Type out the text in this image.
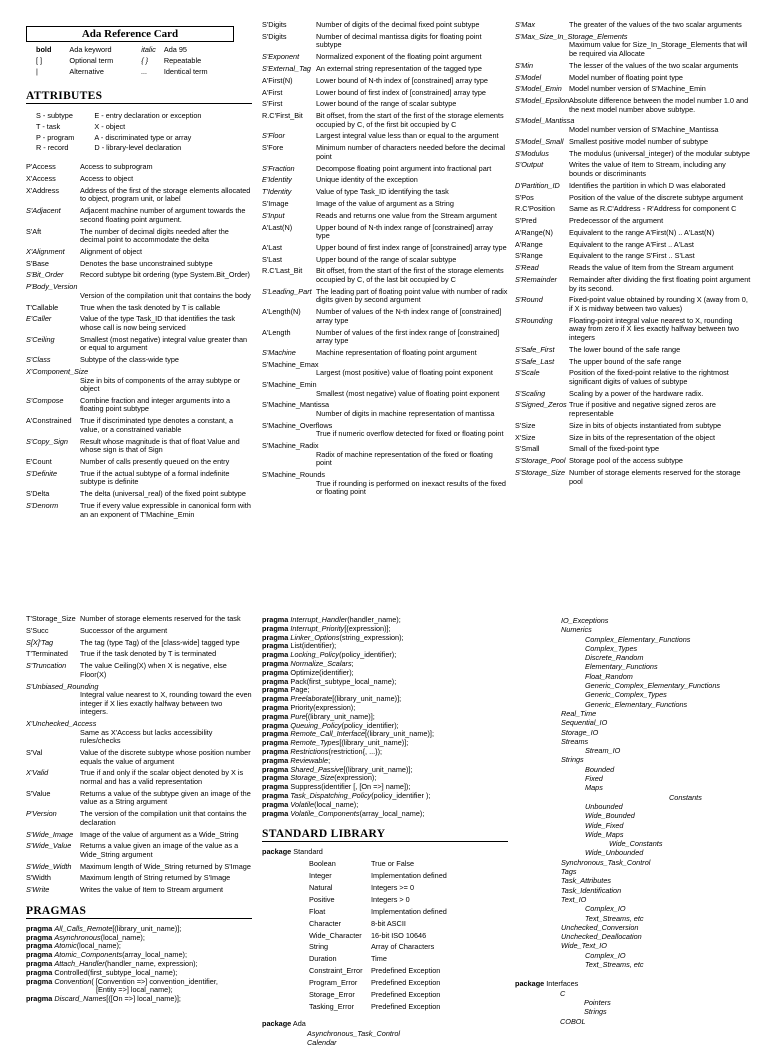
Ada Reference Card
bold	Ada keyword	italic	Ada 95
[ ]	Optional term	{ }	Repeatable
|	Alternative	...	Identical term
ATTRIBUTES
S - subtype	E - entry declaration or exception
T - task	X - object
P - program	A - discriminated type or array
R - record	D - library-level declaration
P'Access	Access to subprogram
X'Access	Access to object
X'Address	Address of the first of the storage elements allocated to object, program unit, or label
S'Adjacent	Adjacent machine number of argument towards the second floating point argument.
S'Aft	The number of decimal digits needed after the decimal point to accommodate the delta
X'Alignment	Alignment of object
S'Base	Denotes the base unconstrained subtype
S'Bit_Order	Record subtype bit ordering (type System.Bit_Order)
P'Body_Version
Version of the compilation unit that contains the body
T'Callable	True when the task denoted by T is callable
E'Caller	Value of the type Task_ID that identifies the task whose call is now being serviced
S'Ceiling	Smallest (most negative) integral value greater than or equal to argument
S'Class	Subtype of the class-wide type
X'Component_Size
Size in bits of components of the array subtype or object
S'Compose	Combine fraction and integer arguments into a floating point subtype
A'Constrained	True if discriminated type denotes a constant, a value, or a constrained variable
S'Copy_Sign	Result whose magnitude is that of float Value and whose sign is that of Sign
E'Count	Number of calls presently queued on the entry
S'Definite	True if the actual subtype of a formal indefinite subtype is definite
S'Delta	The delta (universal_real) of the fixed point subtype
S'Denorm	True if every value expressible in canonical form with an an exponent of T'Machine_Emin
S'Digits	Number of digits of the decimal fixed point subtype
S'Digits	Number of decimal mantissa digits for floating point subtype
S'Exponent	Normalized exponent of the floating point argument
S'External_Tag An external string representation of the tagged type
A'First(N)	Lower bound of N-th index of [constrained] array type
A'First	Lower bound of first index of [constrained] array type
S'First	Lower bound of the range of scalar subtype
R.C'First_Bit	Bit offset, from the start of the first of the storage elements occupied by C, of the first bit occupied by C
S'Floor	Largest integral value less than or equal to the argument
S'Fore	Minimum number of characters needed before the decimal point
S'Fraction	Decompose floating point argument into fractional part
E'Identity	Unique identity of the exception
T'Identity	Value of type Task_ID identifying the task
S'Image	Image of the value of argument as a String
S'Input	Reads and returns one value from the Stream argument
A'Last(N)	Upper bound of N-th index range of [constrained] array type
A'Last	Upper bound of first index range of [constrained] array type
S'Last	Upper bound of the range of scalar subtype
R.C'Last_Bit	Bit offset, from the start of the first of the storage elements occupied by C, of the last bit occupied by C
S'Leading_Part The leading part of floating point value with number of radix digits given by second argument
A'Length(N)	Number of values of the N-th index range of [constrained] array type
A'Length	Number of values of the first index range of [constrained] array type
S'Machine	Machine representation of floating point argument
S'Machine_Emax
Largest (most positive) value of floating point exponent
S'Machine_Emin
Smallest (most negative) value of floating point exponent
S'Machine_Mantissa
Number of digits in machine representation of mantissa
S'Machine_Overflows
True if numeric overflow detected for fixed or floating point
S'Machine_Radix
Radix of machine representation of the fixed or floating point
S'Machine_Rounds
True if rounding is performed on inexact results of the fixed or floating point
S'Max	The greater of the values of the two scalar arguments
S'Max_Size_In_Storage_Elements
Maximum value for Size_In_Storage_Elements that will be required via Allocate
S'Min	The lesser of the values of the two scalar arguments
S'Model	Model number of floating point type
S'Model_Emin Model number version of S'Machine_Emin
S'Model_Epsilon Absolute difference between the model number 1.0 and the next model number above subtype.
S'Model_Mantissa
Model number version of S'Machine_Mantissa
S'Model_Small Smallest positive model number of subtype
S'Modulus	The modulus (universal_integer) of the modular subtype
S'Output	Writes the value of Item to Stream, including any bounds or discriminants
D'Partition_ID	Identifies the partition in which D was elaborated
S'Pos	Position of the value of the discrete subtype argument
R.C'Position	Same as R.C'Address - R'Address for component C
S'Pred	Predecessor of the argument
A'Range(N)	Equivalent to the range A'First(N) .. A'Last(N)
A'Range	Equivalent to the range A'First .. A'Last
S'Range	Equivalent to the range S'First .. S'Last
S'Read	Reads the value of Item from the Stream argument
S'Remainder	Remainder after dividing the first floating point argument by its second.
S'Round	Fixed-point value obtained by rounding X (away from 0, if X is midway between two values)
S'Rounding	Floating-point integral value nearest to X, rounding away from zero if X lies exactly halfway between two integers
S'Safe_First	The lower bound of the safe range
S'Safe_Last	The upper bound of the safe range
S'Scale	Position of the fixed-point relative to the rightmost significant digits of values of subtype
S'Scaling	Scaling by a power of the hardware radix.
S'Signed_Zeros True if positive and negative signed zeros are representable
S'Size	Size in bits of objects instantiated from subtype
X'Size	Size in bits of the representation of the object
S'Small	Small of the fixed-point type
S'Storage_Pool Storage pool of the access subtype
S'Storage_Size Number of storage elements reserved for the storage pool
T'Storage_Size Number of storage elements reserved for the task
S'Succ	Successor of the argument
S[X]'Tag	The tag (type Tag) of the [class-wide] tagged type
T'Terminated	True if the task denoted by T is terminated
S'Truncation	The value Ceiling(X) when X is negative, else Floor(X)
S'Unbiased_Rounding
Integral value nearest to X, rounding toward the even integer if X lies exactly halfway between two integers.
X'Unchecked_Access
Same as X'Access but lacks accessibility rules/checks
S'Val	Value of the discrete subtype whose position number equals the value of argument
X'Valid	True if and only if the scalar object denoted by X is normal and has a valid representation
S'Value	Returns a value of the subtype given an image of the value as a String argument
P'Version	The version of the compilation unit that contains the declaration
S'Wide_Image Image of the value of argument as a Wide_String
S'Wide_Value	Returns a value given an image of the value as a Wide_String argument
S'Wide_Width	Maximum length of Wide_String returned by S'Image
S'Width	Maximum length of String returned by S'Image
S'Write	Writes the value of Item to Stream argument
PRAGMAS
pragma All_Calls_Remote[(library_unit_name)];
pragma Asynchronous(local_name);
pragma Atomic(local_name);
pragma Atomic_Components(array_local_name);
pragma Attach_Handler(handler_name, expression);
pragma Controlled(first_subtype_local_name);
pragma Convention( [Convention =>] convention_identifier,
[Entity =>] local_name);
pragma Discard_Names[([On =>] local_name)];
pragma Interrupt_Handler(handler_name);
pragma Interrupt_Priority[(expression)];
pragma Linker_Options(string_expression);
pragma List(identifier);
pragma Locking_Policy(policy_identifier);
pragma Normalize_Scalars;
pragma Optimize(identifier);
pragma Pack(first_subtype_local_name);
pragma Page;
pragma Preelaborate[(library_unit_name)];
pragma Priority(expression);
pragma Pure[(library_unit_name)];
pragma Queuing_Policy(policy_identifier);
pragma Remote_Call_Interface[(library_unit_name)];
pragma Remote_Types[(library_unit_name)];
pragma Restrictions(restriction{, ...});
pragma Reviewable;
pragma Shared_Passive[(library_unit_name)];
pragma Storage_Size(expression);
pragma Suppress(identifier [, [On =>] name]);
pragma Task_Dispatching_Policy(policy_identifier );
pragma Volatile(local_name);
pragma Volatile_Components(array_local_name);
STANDARD LIBRARY
package Standard
Boolean	True or False
Integer	Implementation defined
Natural	Integers >= 0
Positive	Integers > 0
Float	Implementation defined
Character	8-bit ASCII
Wide_Character	16-bit ISO 10646
String	Array of Characters
Duration	Time
Constraint_Error	Predefined Exception
Program_Error	Predefined Exception
Storage_Error	Predefined Exception
Tasking_Error	Predefined Exception
package Ada
Asynchronous_Task_Control
Calendar
IO_Exceptions
Numerics
Complex_Elementary_Functions
Complex_Types
Discrete_Random
Elementary_Functions
Float_Random
Generic_Complex_Elementary_Functions
Generic_Complex_Types
Generic_Elementary_Functions
Real_Time
Sequential_IO
Storage_IO
Streams
Stream_IO
Strings
Bounded
Fixed
Maps
Constants
Unbounded
Wide_Bounded
Wide_Fixed
Wide_Maps
Wide_Constants
Wide_Unbounded
Synchronous_Task_Control
Tags
Task_Attributes
Task_Identification
Text_IO
Complex_IO
Text_Streams, etc
Unchecked_Conversion
Unchecked_Deallocation
Wide_Text_IO
Complex_IO
Text_Streams, etc
package Interfaces
C
Pointers
Strings
COBOL
